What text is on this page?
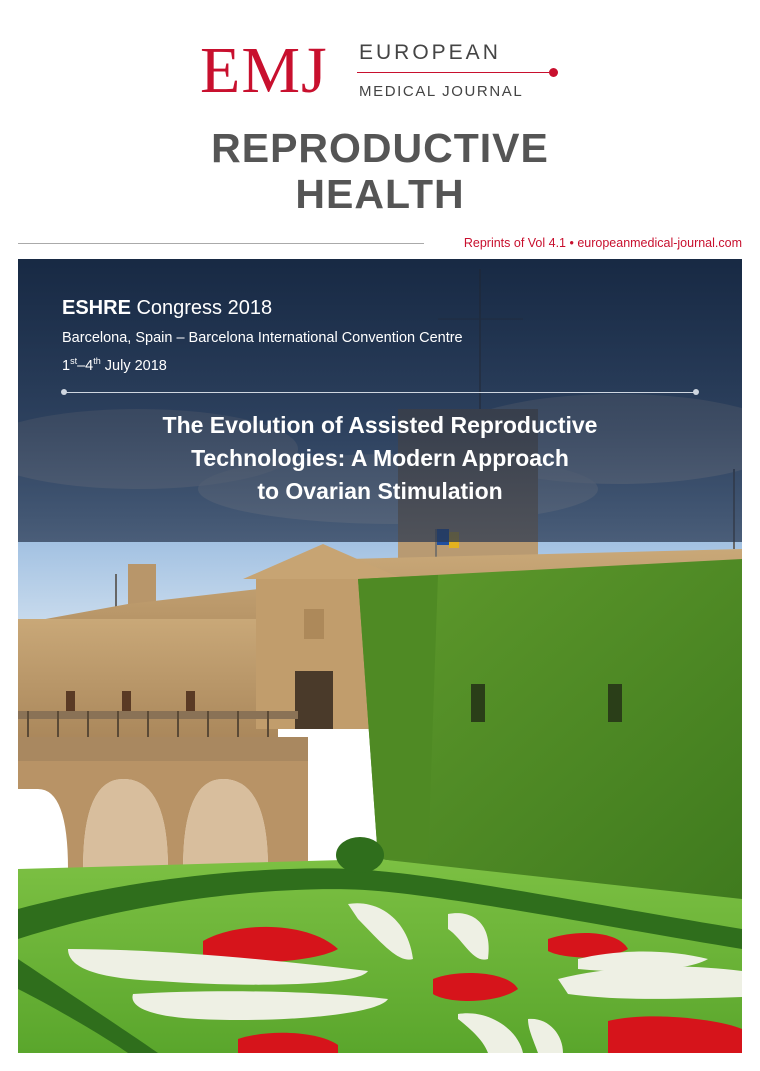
EMJ EUROPEAN
MEDICAL JOURNAL
REPRODUCTIVE
HEALTH
Reprints of Vol 4.1 • europeanmedical-journal.com
ESHRE Congress 2018
Barcelona, Spain – Barcelona International Convention Centre
1st–4th July 2018
The Evolution of Assisted Reproductive
Technologies: A Modern Approach
to Ovarian Stimulation
